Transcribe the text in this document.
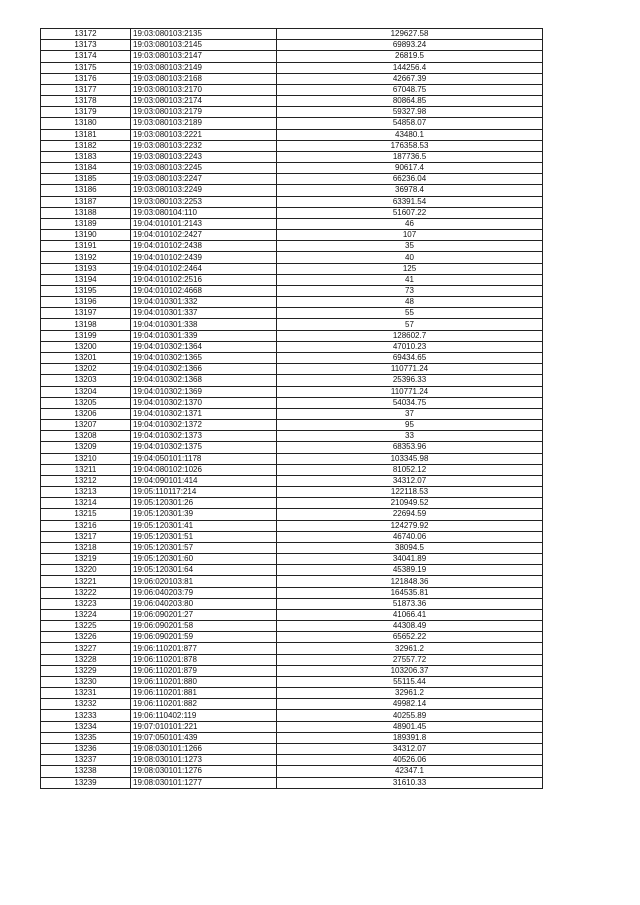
13172	19:03:080103:2135	129627.58
13173	19:03:080103:2145	69893.24
13174	19:03:080103:2147	26819.5
13175	19:03:080103:2149	144256.4
13176	19:03:080103:2168	42667.39
13177	19:03:080103:2170	67048.75
13178	19:03:080103:2174	80864.85
13179	19:03:080103:2179	59327.98
13180	19:03:080103:2189	54858.07
13181	19:03:080103:2221	43480.1
13182	19:03:080103:2232	176358.53
13183	19:03:080103:2243	187736.5
13184	19:03:080103:2245	90617.4
13185	19:03:080103:2247	66236.04
13186	19:03:080103:2249	36978.4
13187	19:03:080103:2253	63391.54
13188	19:03:080104:110	51607.22
13189	19:04:010101:2143	46
13190	19:04:010102:2427	107
13191	19:04:010102:2438	35
13192	19:04:010102:2439	40
13193	19:04:010102:2464	125
13194	19:04:010102:2516	41
13195	19:04:010102:4668	73
13196	19:04:010301:332	48
13197	19:04:010301:337	55
13198	19:04:010301:338	57
13199	19:04:010301:339	128602.7
13200	19:04:010302:1364	47010.23
13201	19:04:010302:1365	69434.65
13202	19:04:010302:1366	110771.24
13203	19:04:010302:1368	25396.33
13204	19:04:010302:1369	110771.24
13205	19:04:010302:1370	54034.75
13206	19:04:010302:1371	37
13207	19:04:010302:1372	95
13208	19:04:010302:1373	33
13209	19:04:010302:1375	68353.96
13210	19:04:050101:1178	103345.98
13211	19:04:080102:1026	81052.12
13212	19:04:090101:414	34312.07
13213	19:05:110117:214	122118.53
13214	19:05:120301:26	210949.52
13215	19:05:120301:39	22694.59
13216	19:05:120301:41	124279.92
13217	19:05:120301:51	46740.06
13218	19:05:120301:57	38094.5
13219	19:05:120301:60	34041.89
13220	19:05:120301:64	45389.19
13221	19:06:020103:81	121848.36
13222	19:06:040203:79	164535.81
13223	19:06:040203:80	51873.36
13224	19:06:090201:27	41066.41
13225	19:06:090201:58	44308.49
13226	19:06:090201:59	65652.22
13227	19:06:110201:877	32961.2
13228	19:06:110201:878	27557.72
13229	19:06:110201:879	103206.37
13230	19:06:110201:880	55115.44
13231	19:06:110201:881	32961.2
13232	19:06:110201:882	49982.14
13233	19:06:110402:119	40255.89
13234	19:07:010101:221	48901.45
13235	19:07:050101:439	189391.8
13236	19:08:030101:1266	34312.07
13237	19:08:030101:1273	40526.06
13238	19:08:030101:1276	42347.1
13239	19:08:030101:1277	31610.33
